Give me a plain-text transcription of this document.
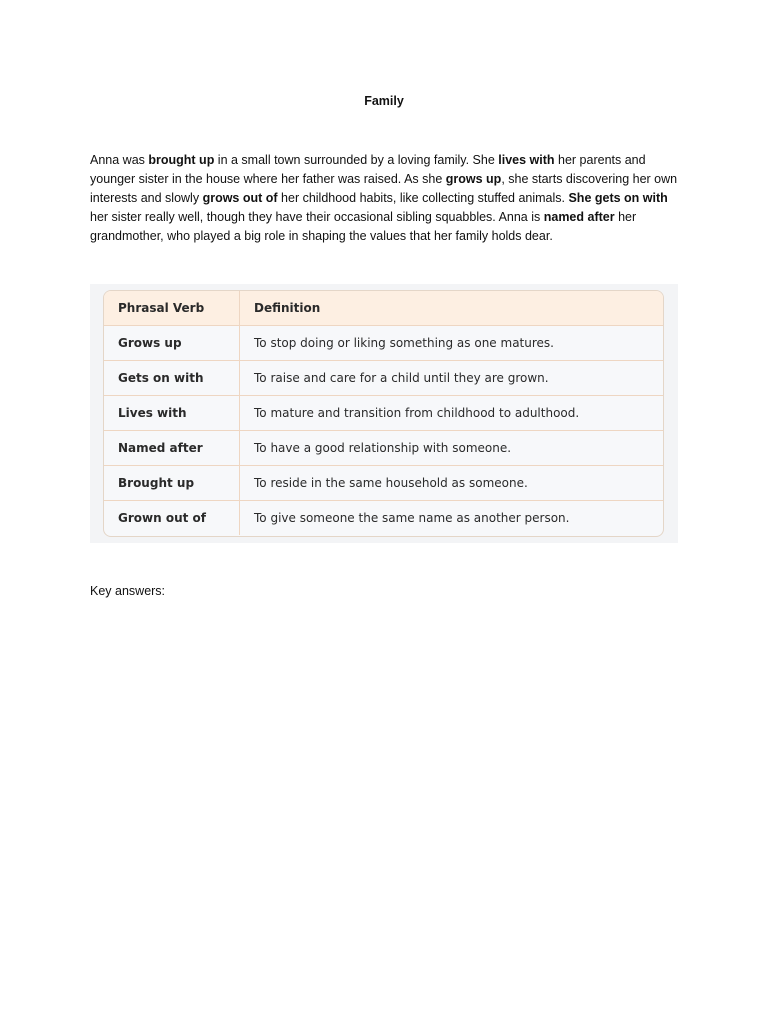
Family

Anna was brought up in a small town surrounded by a loving family. She lives with her parents and younger sister in the house where her father was raised. As she grows up, she starts discovering her own interests and slowly grows out of her childhood habits, like collecting stuffed animals. She gets on with her sister really well, though they have their occasional sibling squabbles. Anna is named after her grandmother, who played a big role in shaping the values that her family holds dear.

Phrasal Verb	Definition
Grows up	To stop doing or liking something as one matures.
Gets on with	To raise and care for a child until they are grown.
Lives with	To mature and transition from childhood to adulthood.
Named after	To have a good relationship with someone.
Brought up	To reside in the same household as someone.
Grown out of	To give someone the same name as another person.
Key answers:
